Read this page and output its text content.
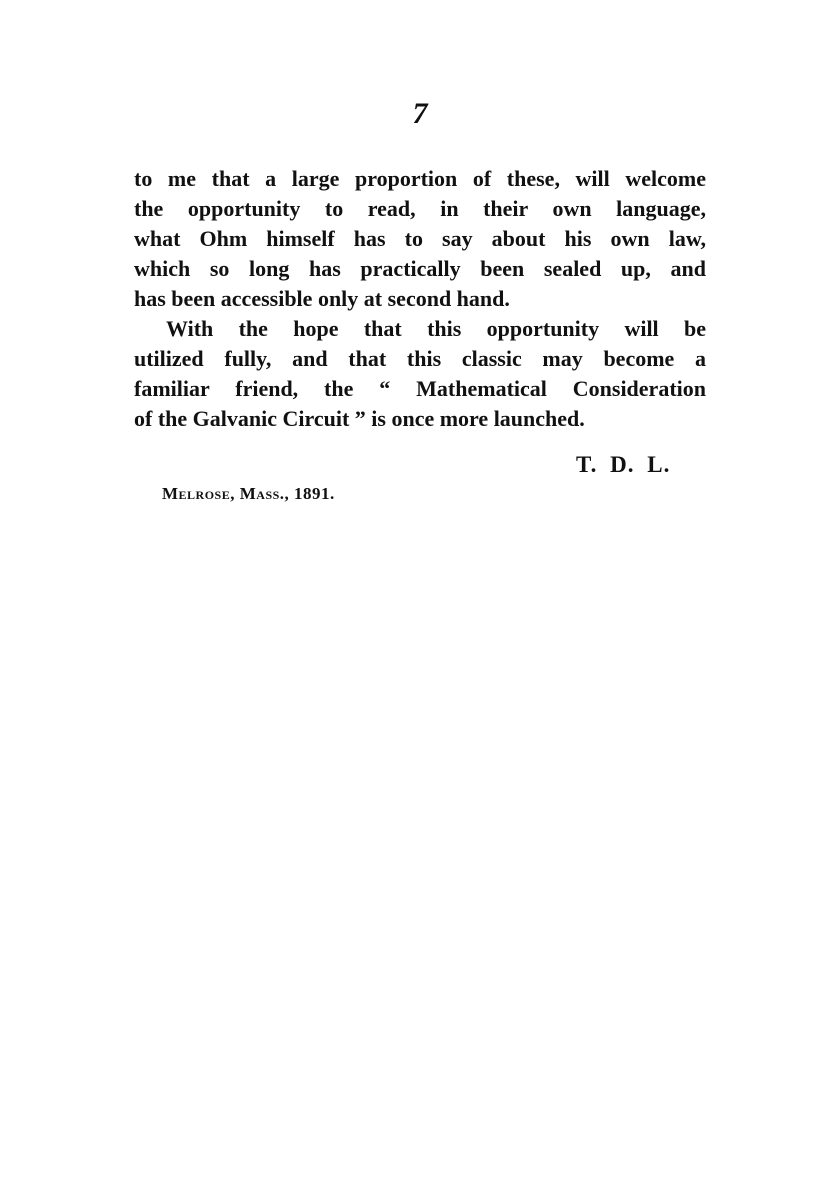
7

to me that a large proportion of these, will welcome
the opportunity to read, in their own language,
what Ohm himself has to say about his own law,
which so long has practically been sealed up, and
has been accessible only at second hand.

With the hope that this opportunity will be
utilized fully, and that this classic may become a
familiar friend, the “ Mathematical Consideration
of the Galvanic Circuit ” is once more launched.

T. D. L.
Melrose, Mass., 1891.
